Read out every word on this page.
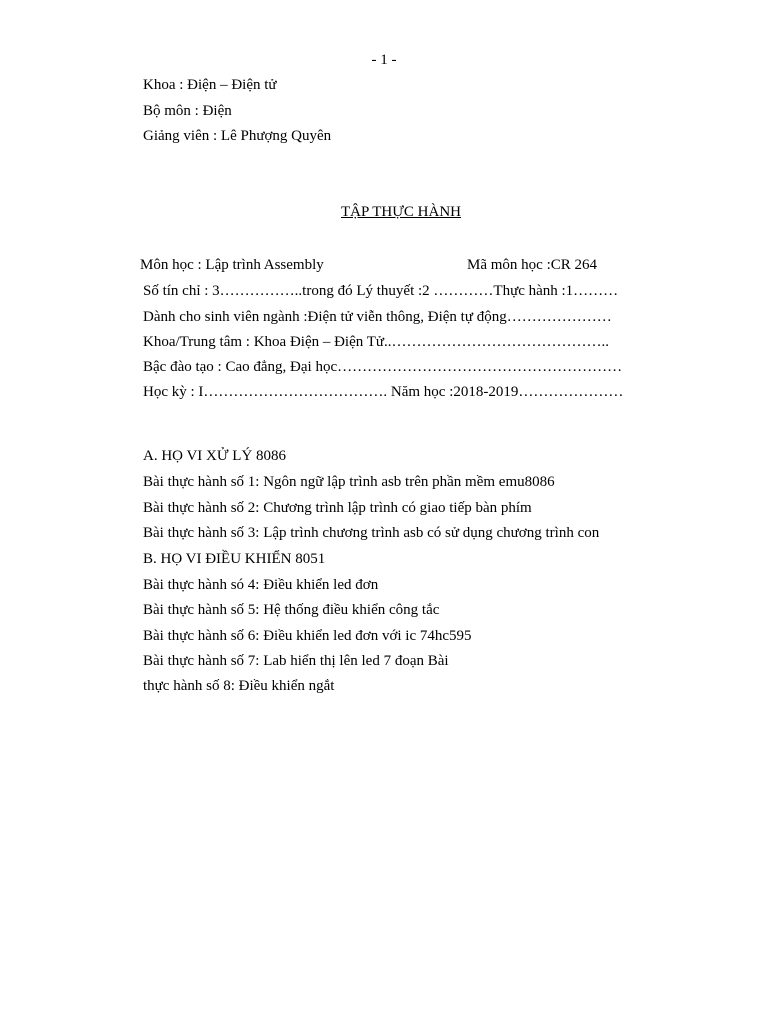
- 1 -
Khoa : Điện – Điện tử
Bộ môn : Điện
Giảng viên : Lê Phượng Quyên
TẬP THỰC HÀNH
Môn học : Lập trình Assembly	Mã môn học :CR 264
Số tín chỉ : 3……………..trong đó Lý thuyết :2 …………Thực hành :1………
Dành cho sinh viên ngành :Điện tử viễn thông, Điện tự động…………………
Khoa/Trung tâm : Khoa Điện – Điện Tử..……………………………………..
Bậc đào tạo : Cao đẳng, Đại học…………………………………………………
Học kỳ : I………………………………. Năm học :2018-2019…………………
A. HỌ VI XỬ LÝ 8086
Bài thực hành số 1: Ngôn ngữ lập trình asb trên phần mềm emu8086
Bài thực hành số 2: Chương trình lập trình có giao tiếp bàn phím
Bài thực hành số 3: Lập trình chương trình asb có sử dụng chương trình con
B. HỌ VI ĐIỀU KHIỂN 8051
Bài thực hành só 4: Điều khiển led đơn
Bài thực hành số 5: Hệ thống điều khiển công tắc
Bài thực hành số 6: Điều khiển led đơn với ic 74hc595
Bài thực hành số 7: Lab hiển thị lên led 7 đoạn Bài
thực hành số 8: Điều khiển ngắt
